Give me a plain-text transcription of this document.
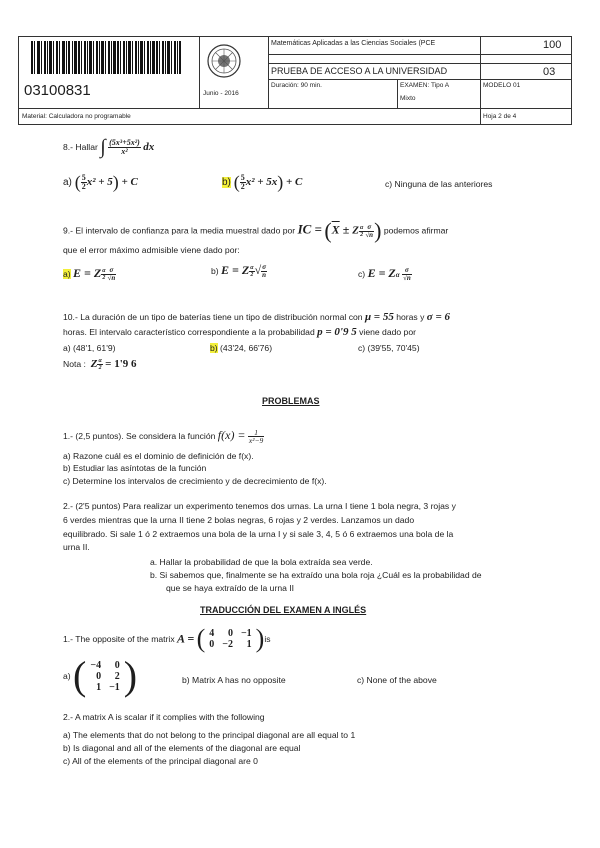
03100831	Junio - 2016
Matemáticas Aplicadas a las Ciencias Sociales (PCE	100
PRUEBA DE ACCESO A LA UNIVERSIDAD	03
Duración: 90 min.	EXAMEN: Tipo A
Mixto
MODELO 01
Material: Calculadora no programable	Hoja 2 de 4
8.- Hallar ∫ $\frac{\text{(5x³+5x²)}}{\text{x²}}$ dx
a) ( $\frac{5}{2} x^2 + 5) + C$	b) ( $\frac{5}{2} x^2 + 5x) + C$	c) Ninguna de las anteriores
9.- El intervalo de confianza para la media muestral dado por IC = ($\overline{X} \pm Z \frac{\alpha}{2} \frac{\sigma}{√n}$ ) podemos afirmar
que el error máximo admisible viene dado por:
a) E = Z $\frac{\alpha}{2} \frac{\sigma}{√n}$	b) E = Z $\frac{\alpha}{2}$ √ $\frac{\sigma}{n}$	c) E = Zα $\frac{\sigma}{√n}$
10.- La duración de un tipo de baterías tiene un tipo de distribución normal con μ = 55 horas y σ = 6
horas. El intervalo característico correspondiente a la probabilidad p = 0'9 5 viene dado por
a) (48'1, 61'9)	b) (43'24, 66'76)	c) (39'55, 70'45)
Nota : Z $\frac{\alpha}{2} = 1'9$ 6
PROBLEMAS
1.- (2,5 puntos). Se considera la función $f(x) = \frac{1}{\text{x²−9}}$
a) Razone cuál es el dominio de definición de f(x).
b) Estudiar las asíntotas de la función
c) Determine los intervalos de crecimiento y de decrecimiento de f(x).
2.- (2'5 puntos) Para realizar un experimento tenemos dos urnas. La urna I tiene 1 bola negra, 3 rojas y
6 verdes mientras que la urna II tiene 2 bolas negras, 6 rojas y 2 verdes. Lanzamos un dado
equilibrado. Si sale 1 ó 2 extraemos una bola de la urna I y si sale 3, 4, 5 ó 6 extraemos una bola de la
urna II.
a. Hallar la probabilidad de que la bola extraída sea verde.
b. Si sabemos que, finalmente se ha extraído una bola roja ¿Cuál es la probabilidad de
que se haya extraído de la urna II
TRADUCCIÓN DEL EXAMEN A INGLÉS
1.- The opposite of the matrix A = ( 4	0	−1
0	−2	1 )is
a) ( −4	0
0	2
1	−1 )	b) Matrix A has no opposite	c) None of the above
2.- A matrix A is scalar if it complies with the following
a) The elements that do not belong to the principal diagonal are all equal to 1
b) Is diagonal and all of the elements of the diagonal are equal
c) All of the elements of the principal diagonal are 0
